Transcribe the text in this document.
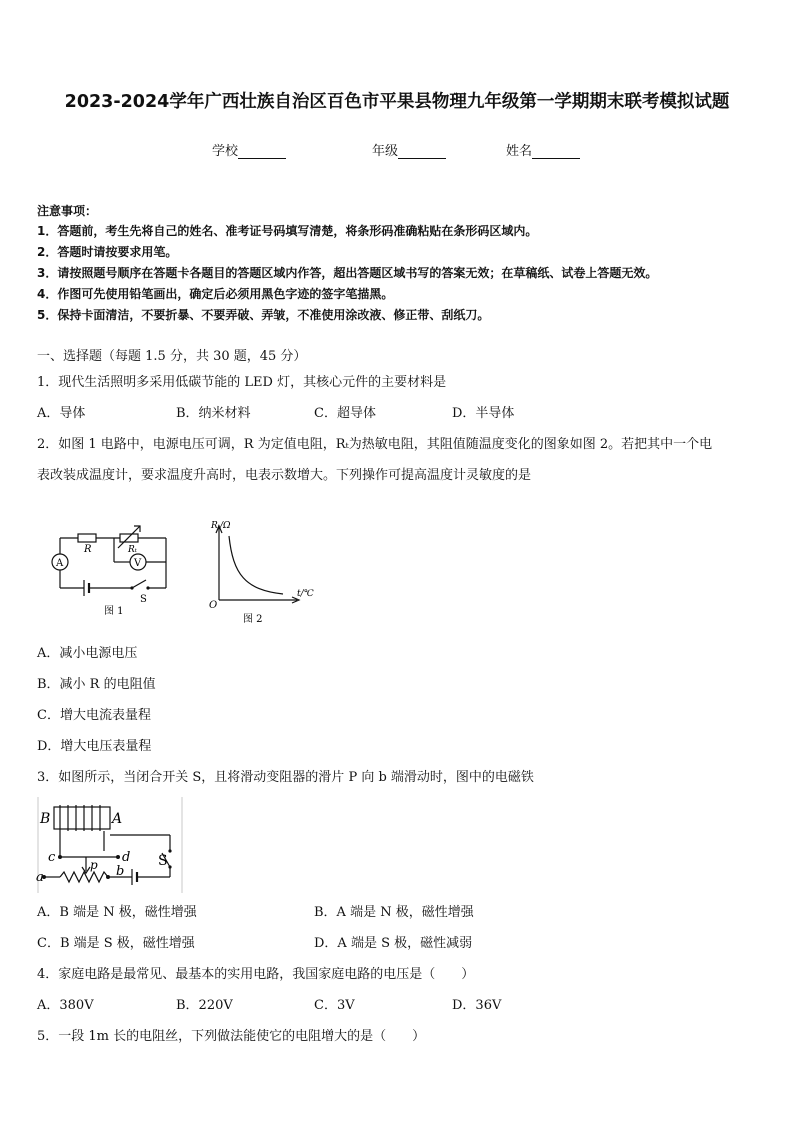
2023-2024学年广西壮族自治区百色市平果县物理九年级第一学期期末联考模拟试题
学校	年级	姓名
注意事项：
1．答题前，考生先将自己的姓名、准考证号码填写清楚，将条形码准确粘贴在条形码区域内。
2．答题时请按要求用笔。
3．请按照题号顺序在答题卡各题目的答题区域内作答，超出答题区域书写的答案无效；在草稿纸、试卷上答题无效。
4．作图可先使用铅笔画出，确定后必须用黑色字迹的签字笔描黑。
5．保持卡面清洁，不要折暴、不要弄破、弄皱，不准使用涂改液、修正带、刮纸刀。
一、选择题（每题 1.5 分，共 30 题，45 分）
1．现代生活照明多采用低碳节能的 LED 灯，其核心元件的主要材料是
A．导体	B．纳米材料	C．超导体	D．半导体
2．如图 1 电路中，电源电压可调，R 为定值电阻，Rₜ为热敏电阻，其阻值随温度变化的图象如图 2。若把其中一个电
表改装成温度计，要求温度升高时，电表示数增大。下列操作可提高温度计灵敏度的是
R	Rₜ
A	V
S
图 1
Rₜ/Ω
t/℃
O
图 2
A．减小电源电压
B．减小 R 的电阻值
C．增大电流表量程
D．增大电压表量程
3．如图所示，当闭合开关 S，且将滑动变阻器的滑片 P 向 b 端滑动时，图中的电磁铁
B	A
c	d
p
a	b
S
A．B 端是 N 极，磁性增强	B．A 端是 N 极，磁性增强
C．B 端是 S 极，磁性增强	D．A 端是 S 极，磁性减弱
4．家庭电路是最常见、最基本的实用电路，我国家庭电路的电压是（　　）
A．380V	B．220V	C．3V	D．36V
5．一段 1m 长的电阻丝，下列做法能使它的电阻增大的是（　　）
